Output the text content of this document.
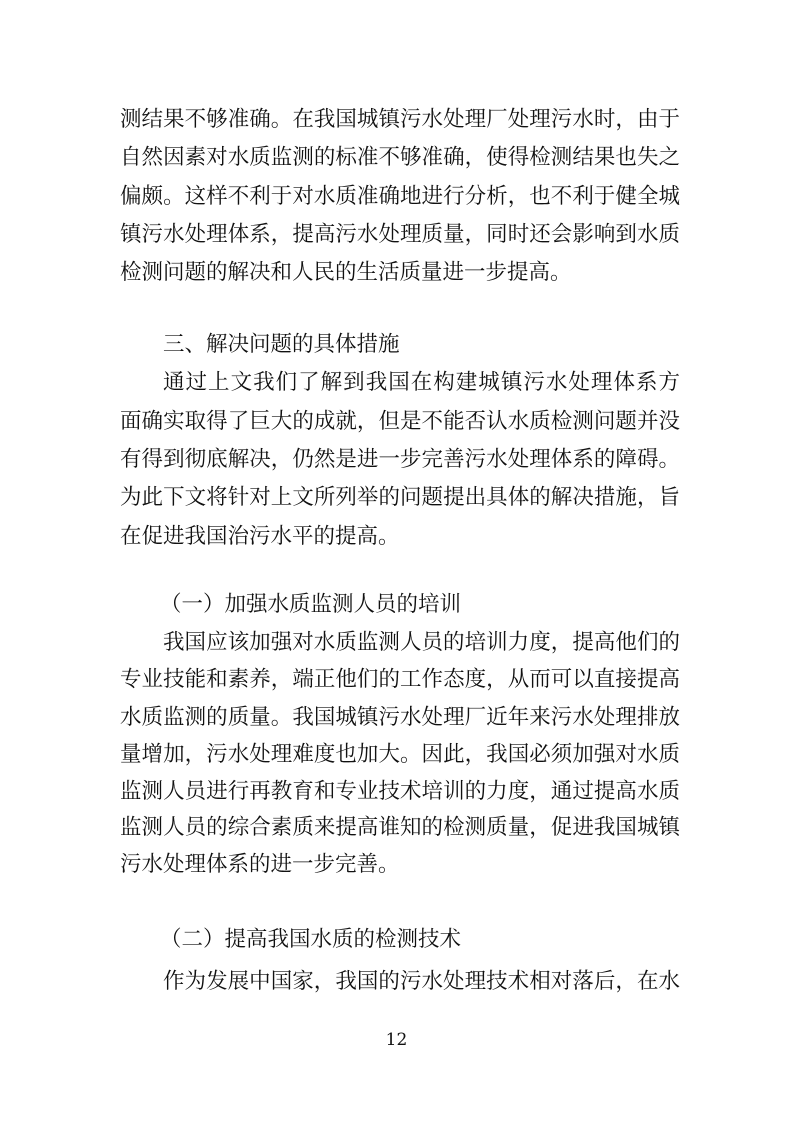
测结果不够准确。在我国城镇污水处理厂处理污水时，由于
自然因素对水质监测的标准不够准确，使得检测结果也失之
偏颇。这样不利于对水质准确地进行分析，也不利于健全城
镇污水处理体系，提高污水处理质量，同时还会影响到水质
检测问题的解决和人民的生活质量进一步提高。
三、解决问题的具体措施
通过上文我们了解到我国在构建城镇污水处理体系方
面确实取得了巨大的成就，但是不能否认水质检测问题并没
有得到彻底解决，仍然是进一步完善污水处理体系的障碍。
为此下文将针对上文所列举的问题提出具体的解决措施，旨
在促进我国治污水平的提高。
（一）加强水质监测人员的培训
我国应该加强对水质监测人员的培训力度，提高他们的
专业技能和素养，端正他们的工作态度，从而可以直接提高
水质监测的质量。我国城镇污水处理厂近年来污水处理排放
量增加，污水处理难度也加大。因此，我国必须加强对水质
监测人员进行再教育和专业技术培训的力度，通过提高水质
监测人员的综合素质来提高谁知的检测质量，促进我国城镇
污水处理体系的进一步完善。
（二）提高我国水质的检测技术
作为发展中国家，我国的污水处理技术相对落后，在水
12
